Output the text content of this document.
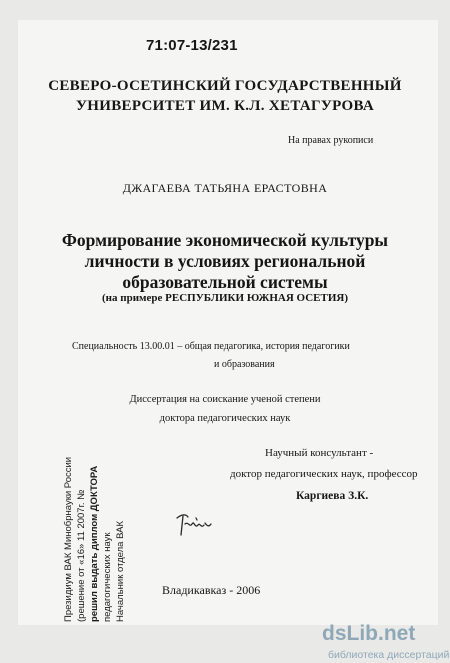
71:07-13/231
СЕВЕРО-ОСЕТИНСКИЙ ГОСУДАРСТВЕННЫЙ
УНИВЕРСИТЕТ ИМ. К.Л. ХЕТАГУРОВА
На правах рукописи
ДЖАГАЕВА ТАТЬЯНА ЕРАСТОВНА
Формирование экономической культуры
личности в условиях региональной
образовательной системы
(на примере РЕСПУБЛИКИ ЮЖНАЯ ОСЕТИЯ)
Специальность 13.00.01 – общая педагогика, история педагогики
и образования
Диссертация на соискание ученой степени
доктора педагогических наук
Научный консультант -
доктор педагогических наук, профессор
Каргиева З.К.
Президиум ВАК Минобрнауки России (решение от «16» 11 2007г. № решил выдать диплом ДОКТОРА педагогических наук Начальник отдела ВАК	Владикавказ - 2006
dsLib.net
библиотека диссертаций
